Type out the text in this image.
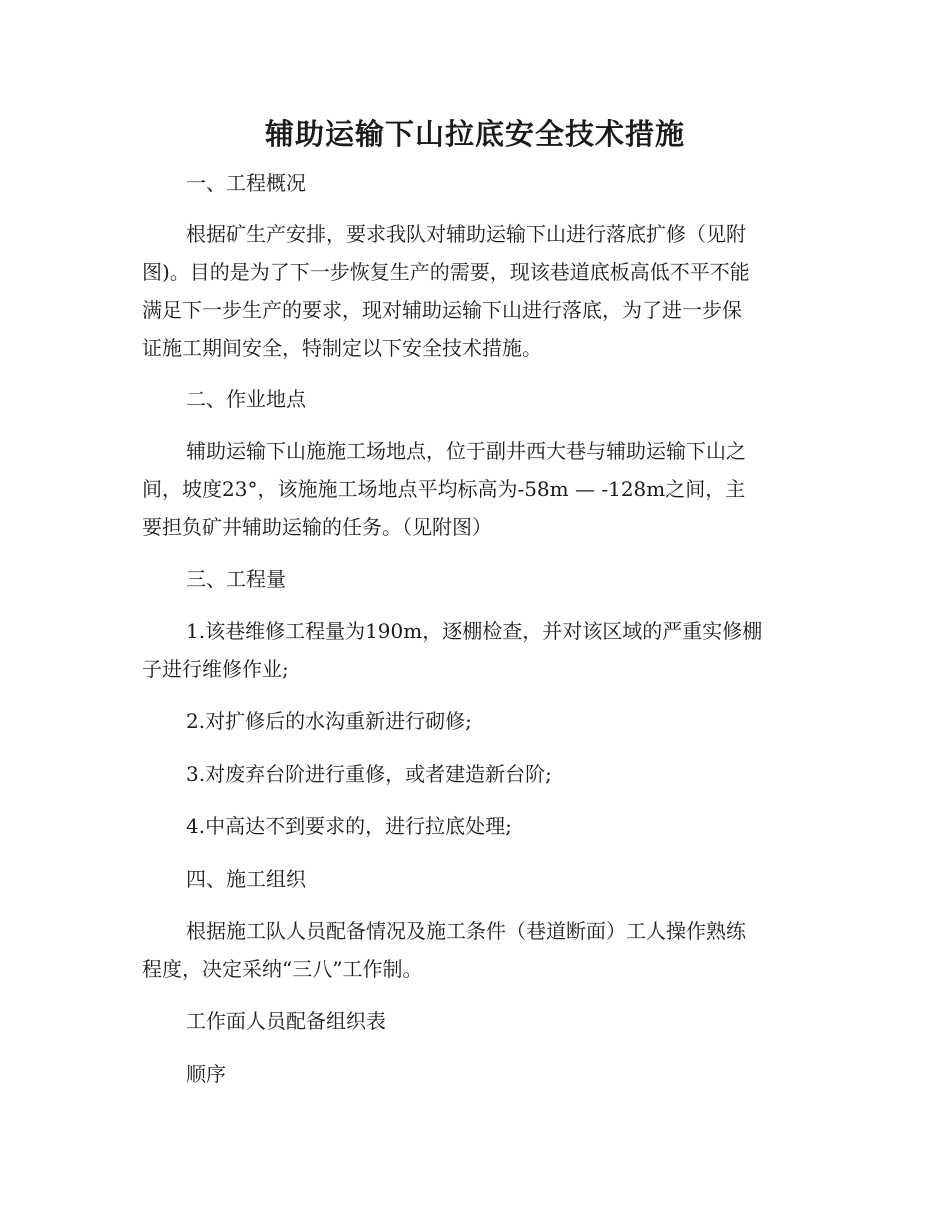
辅助运输下山拉底安全技术措施

一、工程概况

根据矿生产安排，要求我队对辅助运输下山进行落底扩修（见附

图)。目的是为了下一步恢复生产的需要，现该巷道底板高低不平不能

满足下一步生产的要求，现对辅助运输下山进行落底，为了进一步保

证施工期间安全，特制定以下安全技术措施。

二、作业地点

辅助运输下山施施工场地点，位于副井西大巷与辅助运输下山之

间，坡度23°，该施施工场地点平均标高为-58m — -128m之间，主

要担负矿井辅助运输的任务。（见附图）

三、工程量

1.该巷维修工程量为190m，逐棚检查，并对该区域的严重实修棚

子进行维修作业;

2.对扩修后的水沟重新进行砌修;

3.对废弃台阶进行重修，或者建造新台阶;

4.中高达不到要求的，进行拉底处理;

四、施工组织

根据施工队人员配备情况及施工条件（巷道断面）工人操作熟练

程度，决定采纳“三八”工作制。

工作面人员配备组织表

顺序
